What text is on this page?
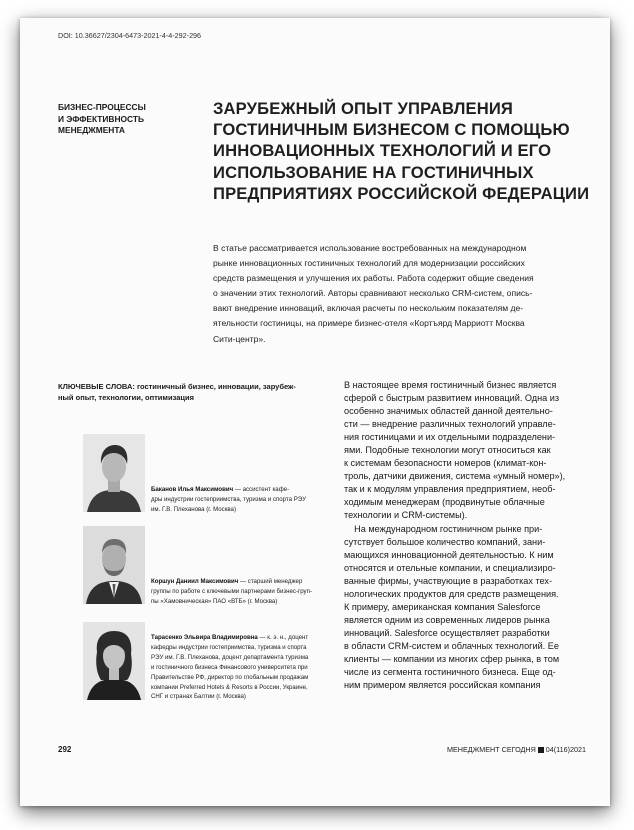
DOI: 10.36627/2304-6473-2021-4-4-292-296
БИЗНЕС-ПРОЦЕССЫ
И ЭФФЕКТИВНОСТЬ
МЕНЕДЖМЕНТА
ЗАРУБЕЖНЫЙ ОПЫТ УПРАВЛЕНИЯ
ГОСТИНИЧНЫМ БИЗНЕСОМ С ПОМОЩЬЮ
ИННОВАЦИОННЫХ ТЕХНОЛОГИЙ И ЕГО
ИСПОЛЬЗОВАНИЕ НА ГОСТИНИЧНЫХ
ПРЕДПРИЯТИЯХ РОССИЙСКОЙ ФЕДЕРАЦИИ
В статье рассматривается использование востребованных на международном
рынке инновационных гостиничных технологий для модернизации российских
средств размещения и улучшения их работы. Работа содержит общие сведения
о значении этих технологий. Авторы сравнивают несколько CRM-систем, опись-
вают внедрение инноваций, включая расчеты по нескольким показателям де-
ятельности гостиницы, на примере бизнес-отеля «Кортъярд Марриотт Москва
Сити-центр».
КЛЮЧЕВЫЕ СЛОВА: гостиничный бизнес, инновации, зарубеж-
ный опыт, технологии, оптимизация
Баканов Илья Максимович — ассистент кафе-
дры индустрии гостеприимства, туризма и спорта РЭУ
им. Г.В. Плеханова (г. Москва)
Коршун Даниил Максимович — старший менеджер
группы по работе с ключевыми партнерами бизнес-груп-
пы «Хамовническая» ПАО «ВТБ» (г. Москва)
Тарасенко Эльвира Владимировна — к. э. н., доцент
кафедры индустрии гостеприимства, туризма и спорта
РЭУ им. Г.В. Плеханова, доцент департамента туризма
и гостиничного бизнеса Финансового университета при
Правительстве РФ, директор по глобальным продажам
компании Preferred Hotels & Resorts в России, Украине,
СНГ и странах Балтии (г. Москва)
В настоящее время гостиничный бизнес является
сферой с быстрым развитием инноваций. Одна из
особенно значимых областей данной деятельно-
сти — внедрение различных технологий управле-
ния гостиницами и их отдельными подразделени-
ями. Подобные технологии могут относиться как
к системам безопасности номеров (климат-кон-
троль, датчики движения, система «умный номер»),
так и к модулям управления предприятием, необ-
ходимым менеджерам (продвинутые облачные
технологии и CRM-системы).
На международном гостиничном рынке при-
сутствует большое количество компаний, зани-
мающихся инновационной деятельностью. К ним
относятся и отельные компании, и специализиро-
ванные фирмы, участвующие в разработках тех-
нологических продуктов для средств размещения.
К примеру, американская компания Salesforce
является одним из современных лидеров рынка
инноваций. Salesforce осуществляет разработки
в области CRM-систем и облачных технологий. Ее
клиенты — компании из многих сфер рынка, в том
числе из сегмента гостиничного бизнеса. Еще од-
ним примером является российская компания
292	МЕНЕДЖМЕНТ СЕГОДНЯ 04(116)2021
